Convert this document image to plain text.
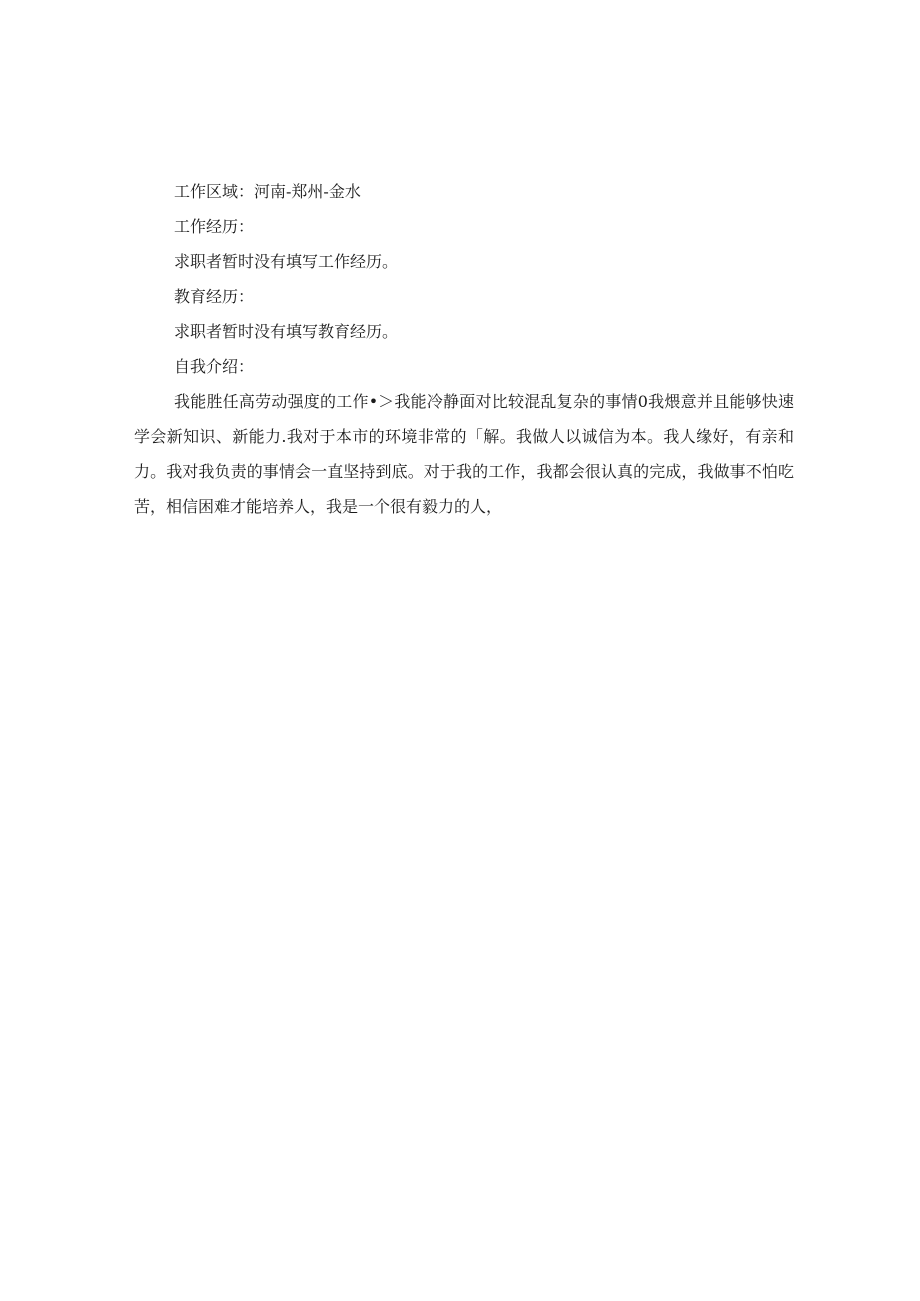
工作区域：河南-郑州-金水
工作经历：
求职者暂时没有填写工作经历。
教育经历：
求职者暂时没有填写教育经历。
自我介绍：

我能胜任高劳动强度的工作•＞我能冷静面对比较混乱复杂的事情0我煨意并且能够快速学会新知识、新能力.我对于本市的环境非常的「解。我做人以诚信为本。我人缘好，有亲和力。我对我负责的事情会一直坚持到底。对于我的工作，我都会很认真的完成，我做事不怕吃苦，相信困难才能培养人，我是一个很有毅力的人，
